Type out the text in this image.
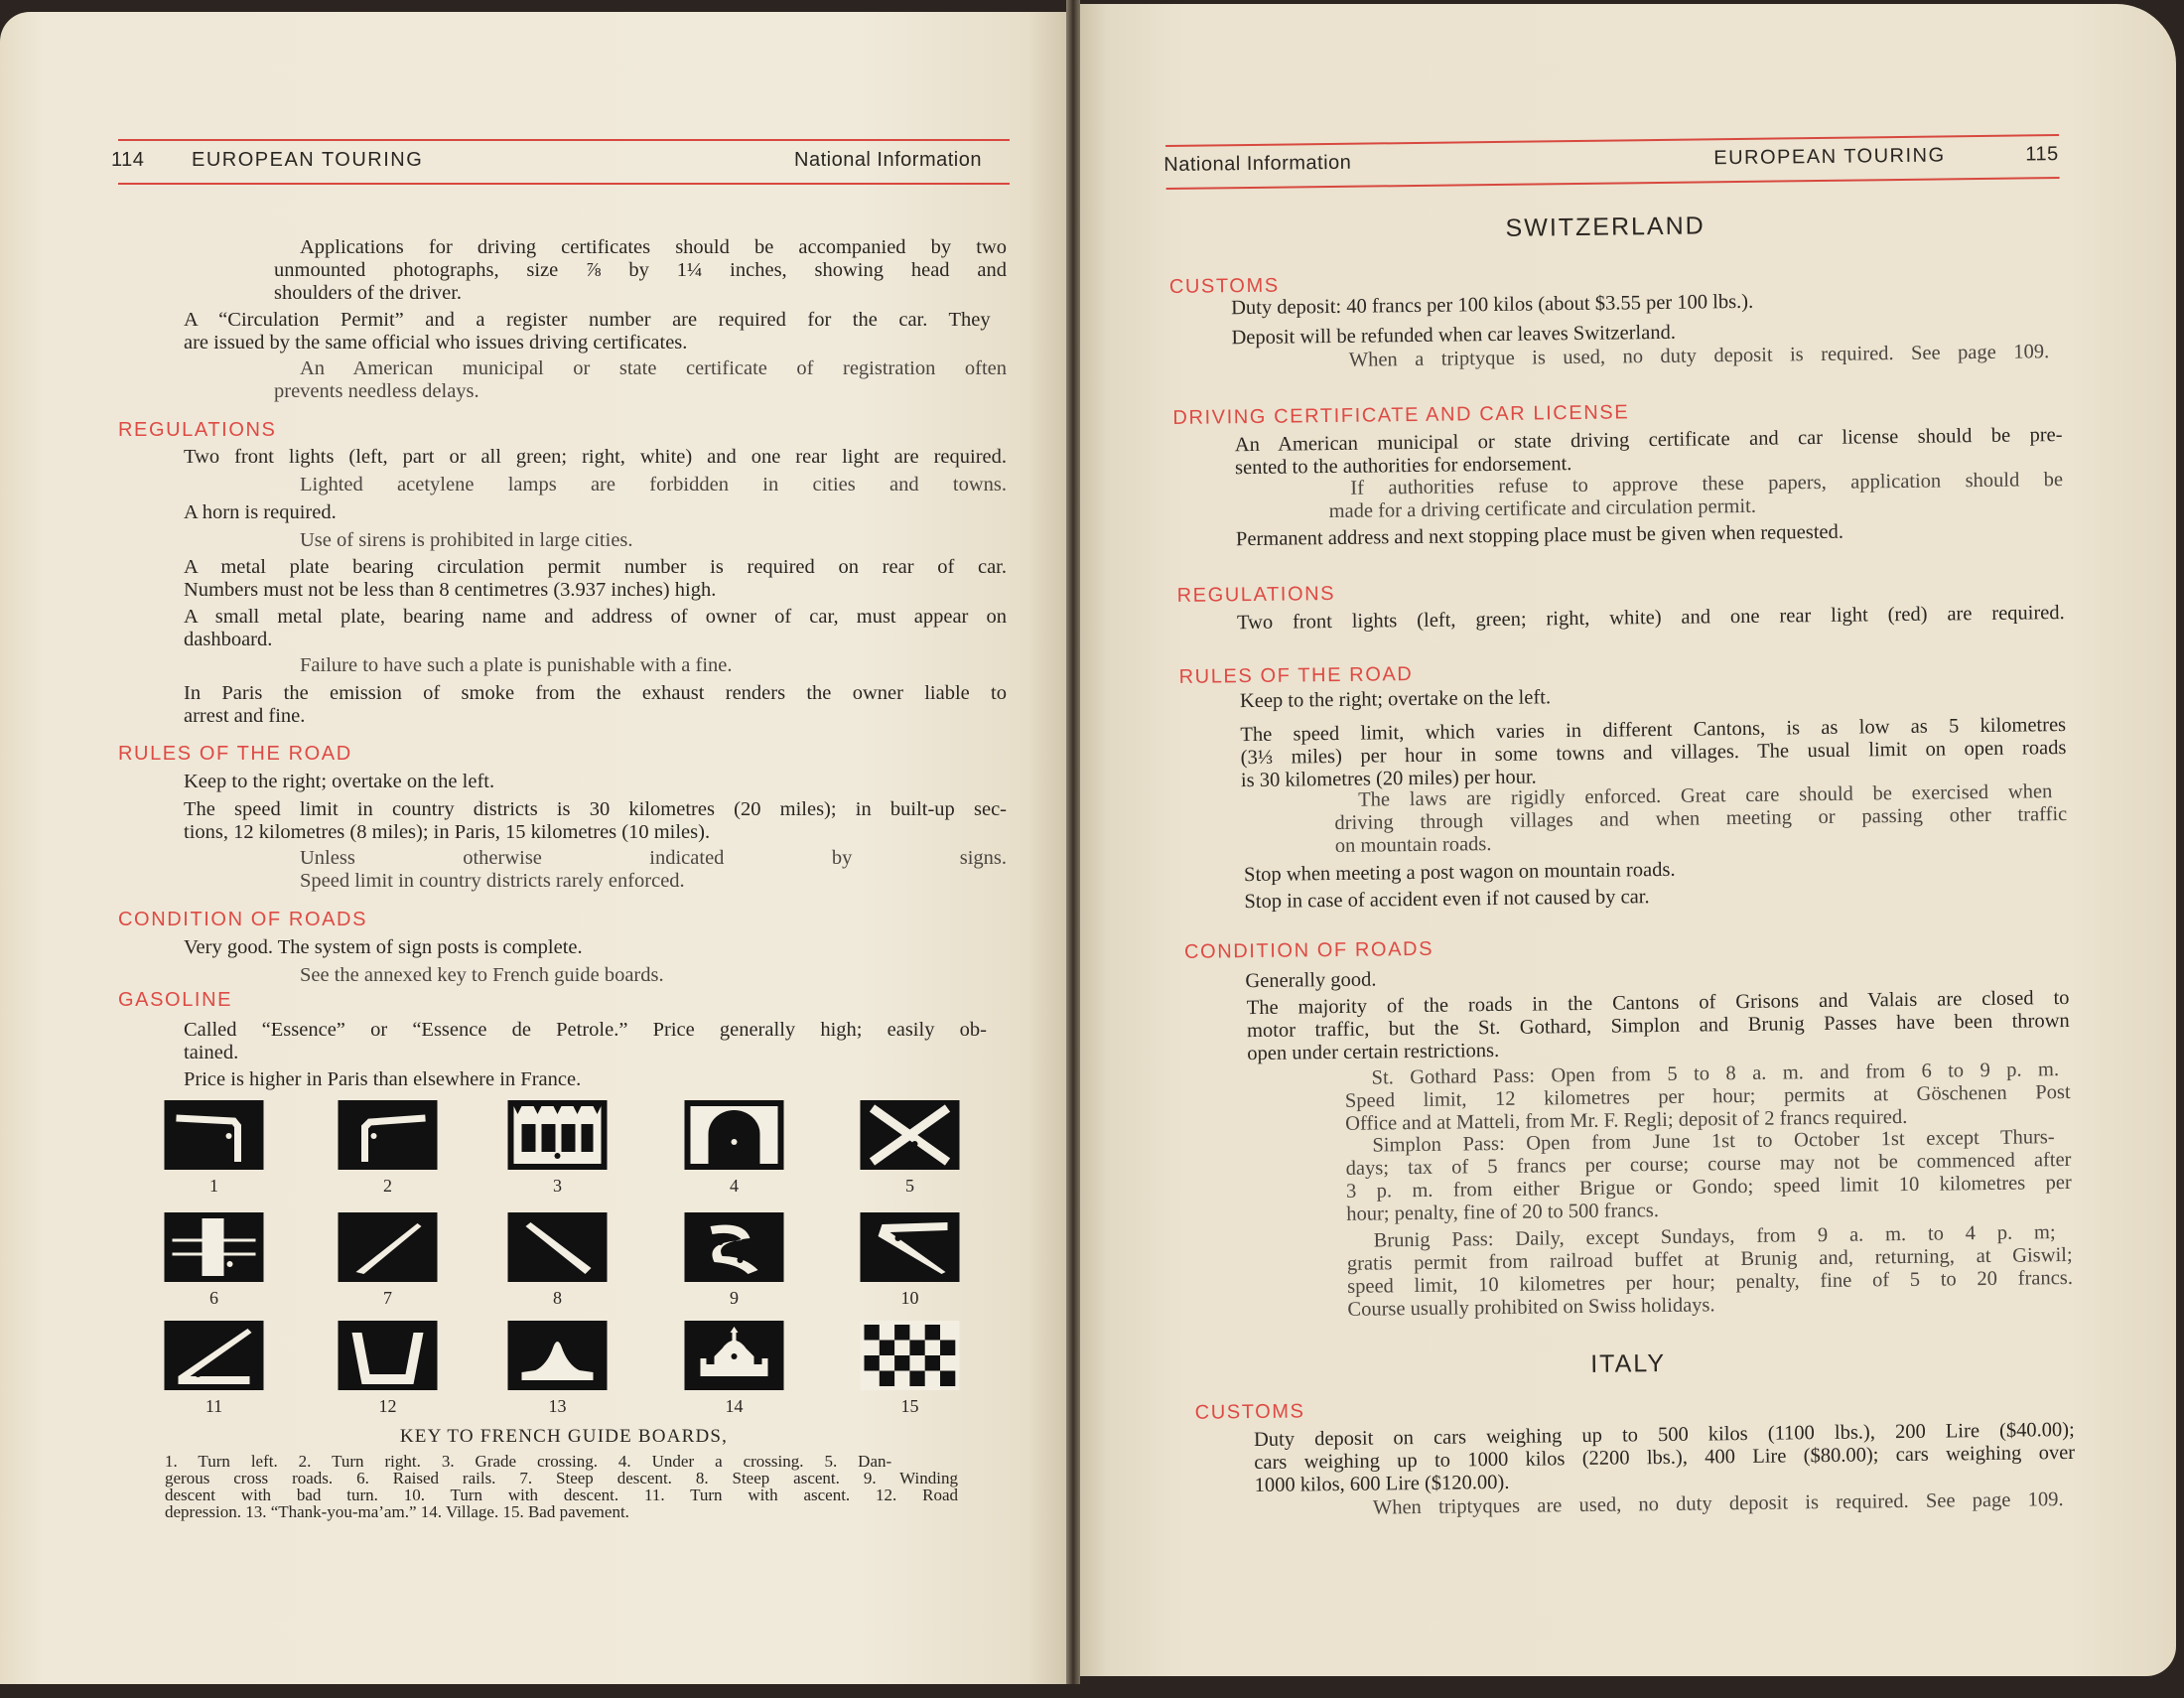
114 EUROPEAN TOURING	National Information
KEY TO FRENCH GUIDE BOARDS,
Applications for driving certificates should be accompanied by two
unmounted photographs, size ⅞ by 1¼ inches, showing head and
shoulders of the driver.
A “Circulation Permit” and a register number are required for the car. They
are issued by the same official who issues driving certificates.
An American municipal or state certificate of registration often
prevents needless delays.
REGULATIONS
Two front lights (left, part or all green; right, white) and one rear light are required.
Lighted acetylene lamps are forbidden in cities and towns.
A horn is required.
Use of sirens is prohibited in large cities.
A metal plate bearing circulation permit number is required on rear of car.
Numbers must not be less than 8 centimetres (3.937 inches) high.
A small metal plate, bearing name and address of owner of car, must appear on
dashboard.
Failure to have such a plate is punishable with a fine.
In Paris the emission of smoke from the exhaust renders the owner liable to
arrest and fine.
RULES OF THE ROAD
Keep to the right; overtake on the left.
The speed limit in country districts is 30 kilometres (20 miles); in built-up sec-
tions, 12 kilometres (8 miles); in Paris, 15 kilometres (10 miles).
Unless otherwise indicated by signs.
Speed limit in country districts rarely enforced.
CONDITION OF ROADS
Very good. The system of sign posts is complete.
See the annexed key to French guide boards.
GASOLINE
Called “Essence” or “Essence de Petrole.” Price generally high; easily ob-
tained.
Price is higher in Paris than elsewhere in France.
1. Turn left. 2. Turn right. 3. Grade crossing. 4. Under a crossing. 5. Dan-
gerous cross roads. 6. Raised rails. 7. Steep descent. 8. Steep ascent. 9. Winding
descent with bad turn. 10. Turn with descent. 11. Turn with ascent. 12. Road
depression. 13. “Thank-you-ma’am.” 14. Village. 15. Bad pavement.
1	2	3	4	5
6	7	8	9	10
11	12	13	14	15
National Information	EUROPEAN TOURING	115
SWITZERLAND
CUSTOMS
Duty deposit: 40 francs per 100 kilos (about $3.55 per 100 lbs.).
Deposit will be refunded when car leaves Switzerland.
When a triptyque is used, no duty deposit is required. See page 109.
DRIVING CERTIFICATE AND CAR LICENSE
An American municipal or state driving certificate and car license should be pre-
sented to the authorities for endorsement.
If authorities refuse to approve these papers, application should be
made for a driving certificate and circulation permit.
Permanent address and next stopping place must be given when requested.
REGULATIONS
Two front lights (left, green; right, white) and one rear light (red) are required.
RULES OF THE ROAD
Keep to the right; overtake on the left.
The speed limit, which varies in different Cantons, is as low as 5 kilometres
(3⅓ miles) per hour in some towns and villages. The usual limit on open roads
is 30 kilometres (20 miles) per hour.
The laws are rigidly enforced. Great care should be exercised when
driving through villages and when meeting or passing other traffic
on mountain roads.
Stop when meeting a post wagon on mountain roads.
Stop in case of accident even if not caused by car.
CONDITION OF ROADS
Generally good.
The majority of the roads in the Cantons of Grisons and Valais are closed to
motor traffic, but the St. Gothard, Simplon and Brunig Passes have been thrown
open under certain restrictions.
St. Gothard Pass: Open from 5 to 8 a. m. and from 6 to 9 p. m.
Speed limit, 12 kilometres per hour; permits at Göschenen Post
Office and at Matteli, from Mr. F. Regli; deposit of 2 francs required.
Simplon Pass: Open from June 1st to October 1st except Thurs-
days; tax of 5 francs per course; course may not be commenced after
3 p. m. from either Brigue or Gondo; speed limit 10 kilometres per
hour; penalty, fine of 20 to 500 francs.
Brunig Pass: Daily, except Sundays, from 9 a. m. to 4 p. m;
gratis permit from railroad buffet at Brunig and, returning, at Giswil;
speed limit, 10 kilometres per hour; penalty, fine of 5 to 20 francs.
Course usually prohibited on Swiss holidays.
ITALY
CUSTOMS
Duty deposit on cars weighing up to 500 kilos (1100 lbs.), 200 Lire ($40.00);
cars weighing up to 1000 kilos (2200 lbs.), 400 Lire ($80.00); cars weighing over
1000 kilos, 600 Lire ($120.00).
When triptyques are used, no duty deposit is required. See page 109.
